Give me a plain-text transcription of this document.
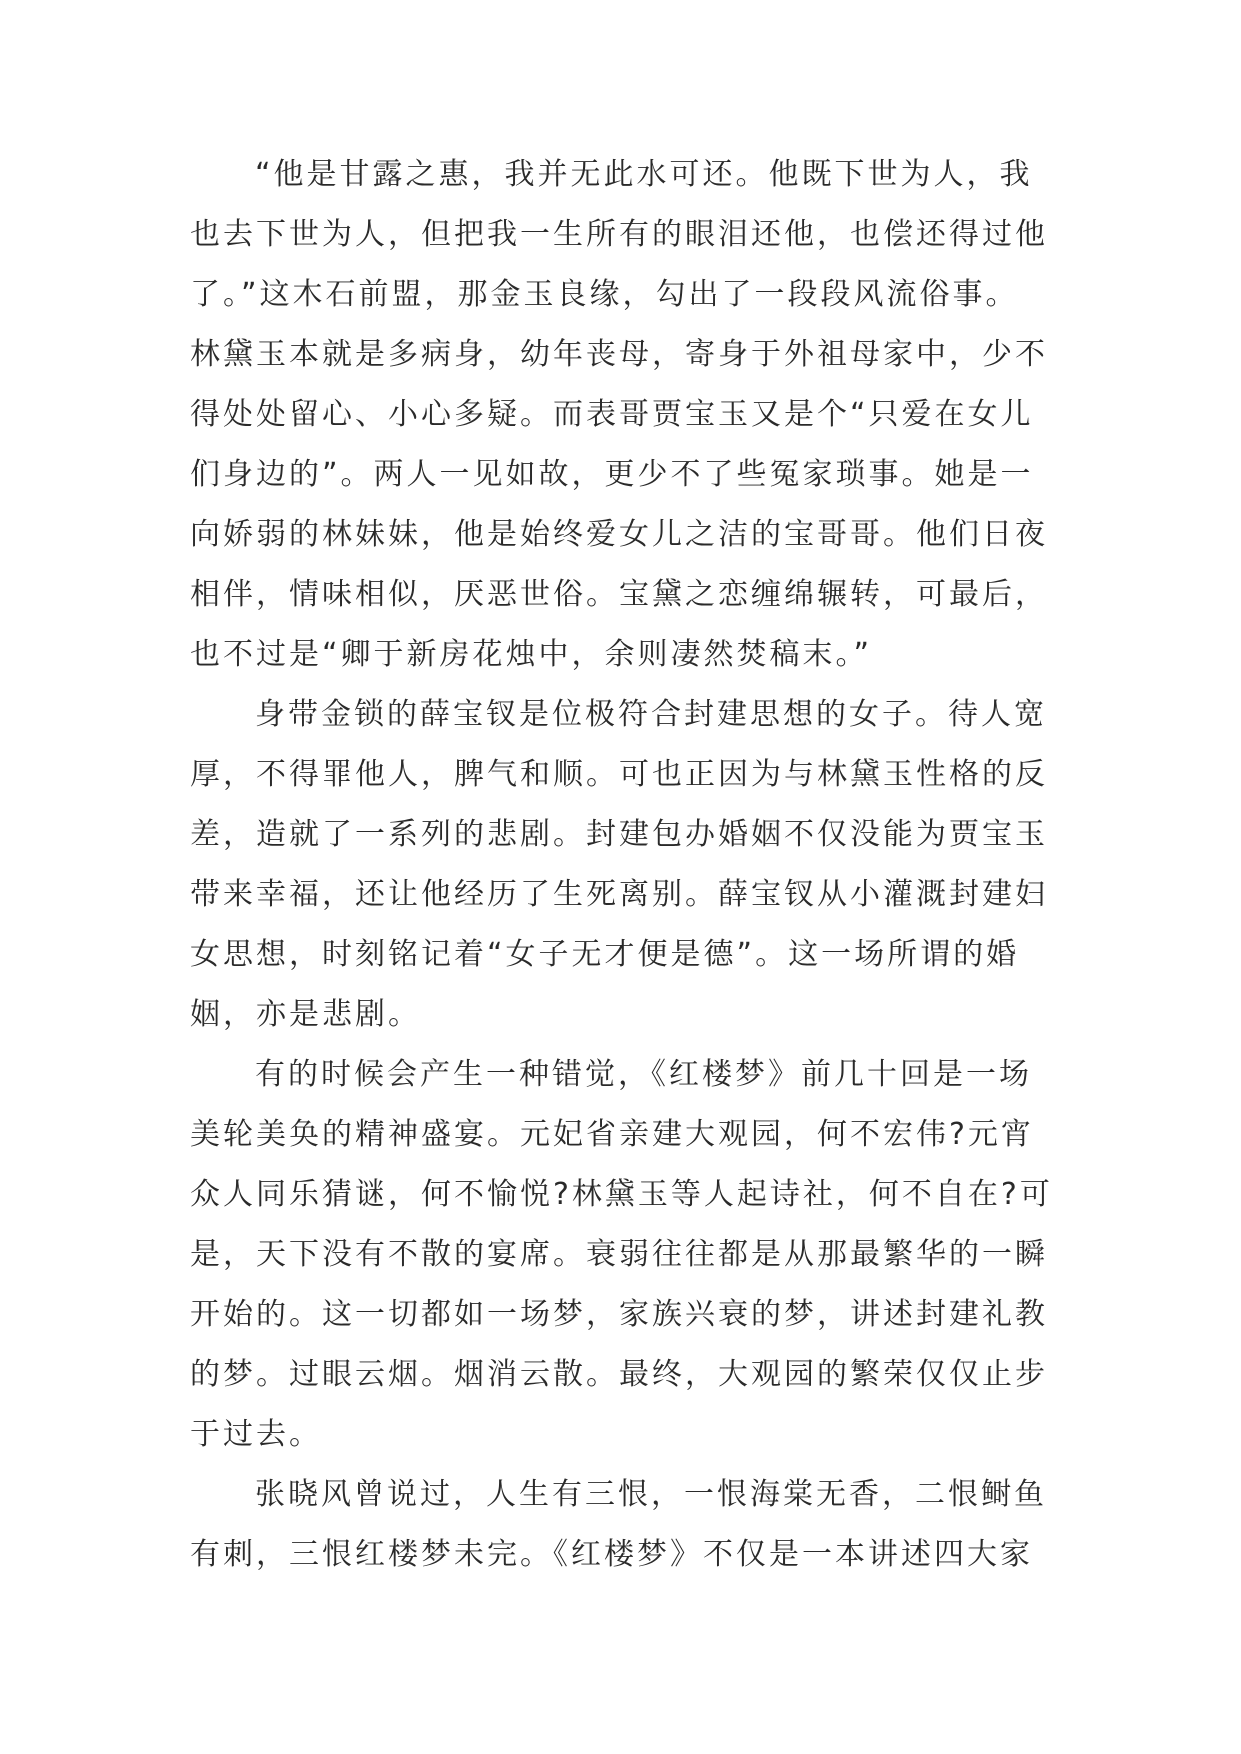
“他是甘露之惠，我并无此水可还。他既下世为人，我
也去下世为人，但把我一生所有的眼泪还他，也偿还得过他
了。”这木石前盟，那金玉良缘，勾出了一段段风流俗事。
林黛玉本就是多病身，幼年丧母，寄身于外祖母家中，少不
得处处留心、小心多疑。而表哥贾宝玉又是个“只爱在女儿
们身边的”。两人一见如故，更少不了些冤家琐事。她是一
向娇弱的林妹妹，他是始终爱女儿之洁的宝哥哥。他们日夜
相伴，情味相似，厌恶世俗。宝黛之恋缠绵辗转，可最后，
也不过是“卿于新房花烛中，余则凄然焚稿末。”
身带金锁的薛宝钗是位极符合封建思想的女子。待人宽
厚，不得罪他人，脾气和顺。可也正因为与林黛玉性格的反
差，造就了一系列的悲剧。封建包办婚姻不仅没能为贾宝玉
带来幸福，还让他经历了生死离别。薛宝钗从小灌溉封建妇
女思想，时刻铭记着“女子无才便是德”。这一场所谓的婚
姻，亦是悲剧。
有的时候会产生一种错觉，《红楼梦》前几十回是一场
美轮美奂的精神盛宴。元妃省亲建大观园，何不宏伟?元宵
众人同乐猜谜，何不愉悦?林黛玉等人起诗社，何不自在?可
是，天下没有不散的宴席。衰弱往往都是从那最繁华的一瞬
开始的。这一切都如一场梦，家族兴衰的梦，讲述封建礼教
的梦。过眼云烟。烟消云散。最终，大观园的繁荣仅仅止步
于过去。
张晓风曾说过，人生有三恨，一恨海棠无香，二恨鲥鱼
有刺，三恨红楼梦未完。《红楼梦》不仅是一本讲述四大家
